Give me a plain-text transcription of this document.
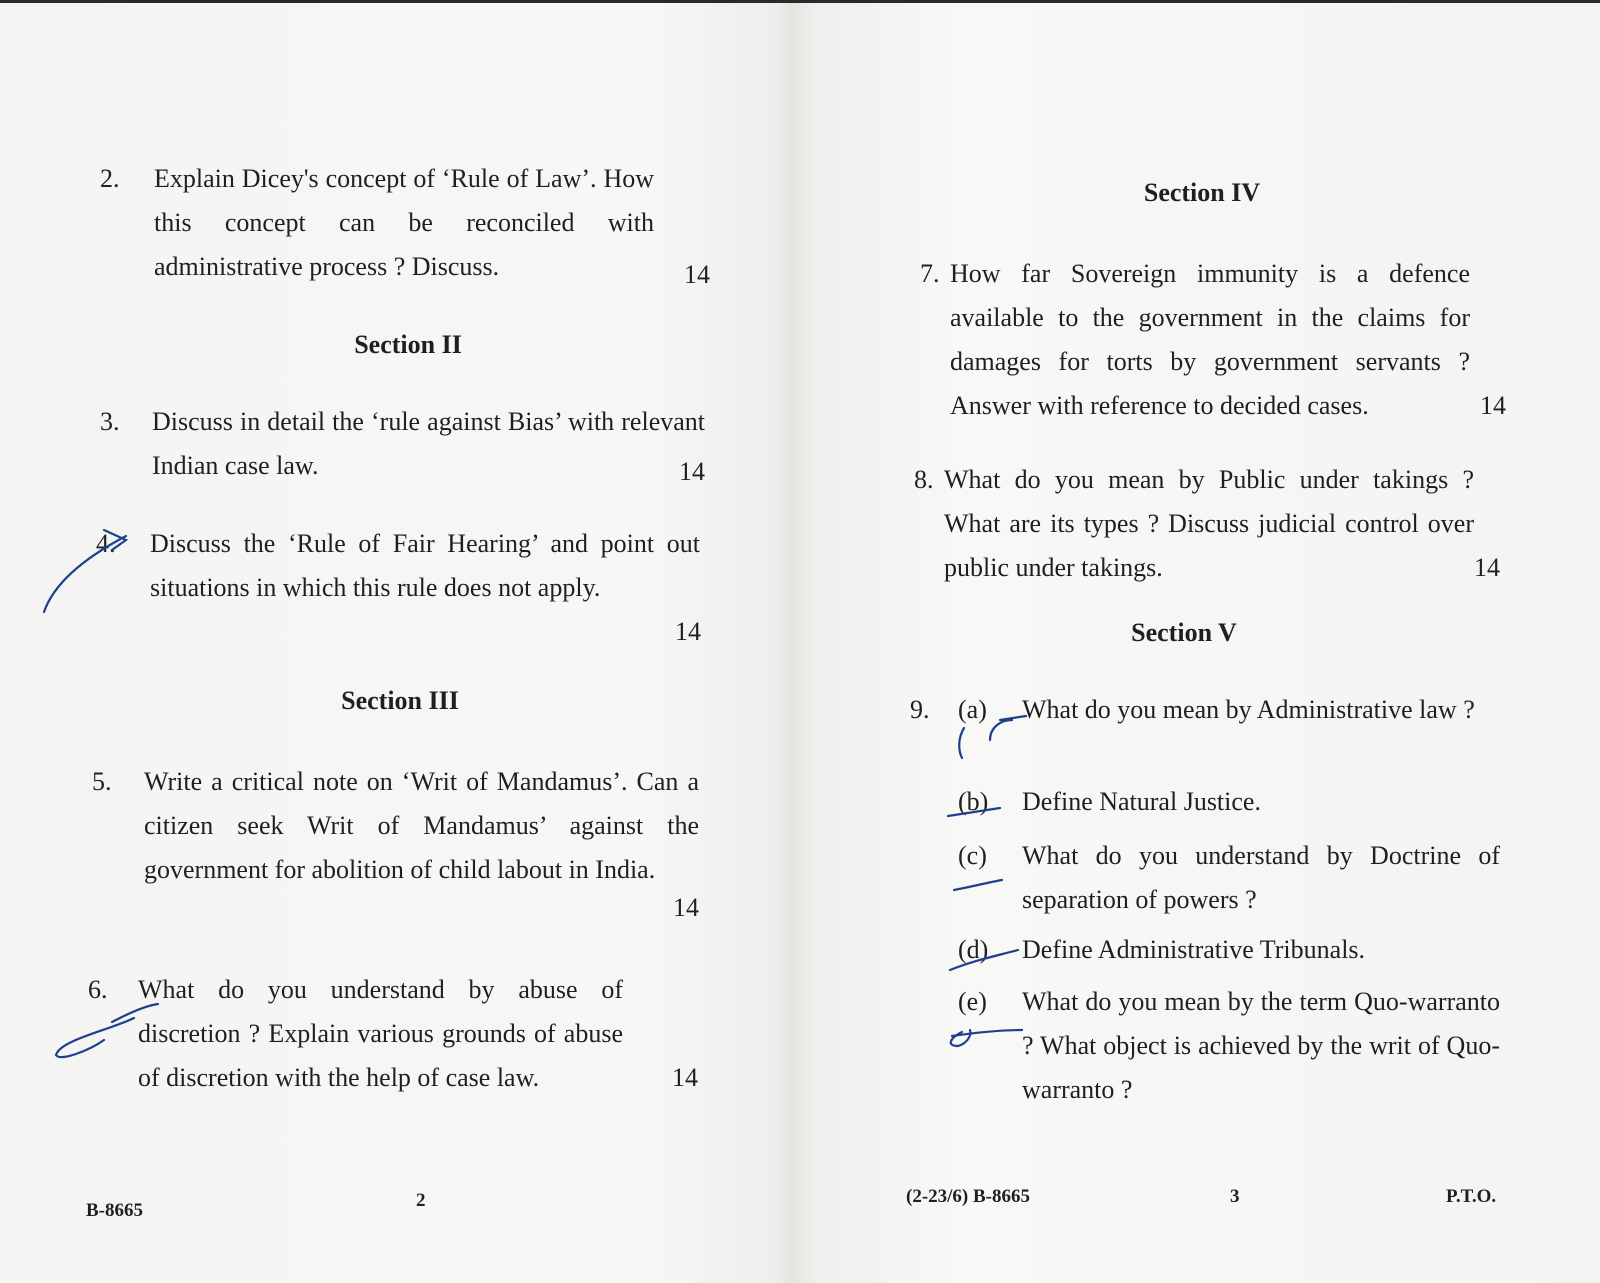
2. Explain Dicey's concept of ‘Rule of Law’. How this concept can be reconciled with administrative process ? Discuss.	14
Section II
3. Discuss in detail the ‘rule against Bias’ with relevant Indian case law.	14
4. Discuss the ‘Rule of Fair Hearing’ and point out situations in which this rule does not apply.
14
Section III
5. Write a critical note on ‘Writ of Mandamus’. Can a citizen seek Writ of Mandamus’ against the government for abolition of child labout in India.
14
6. What do you understand by abuse of discretion ? Explain various grounds of abuse of discretion with the help of case law.	14
B-8665	2
Section IV
7. How far Sovereign immunity is a defence available to the government in the claims for damages for torts by government servants ? Answer with reference to decided cases.	14
8. What do you mean by Public under takings ? What are its types ? Discuss judicial control over public under takings.	14
Section V
9. (a) What do you mean by Administrative law ?
(b) Define Natural Justice.
(c) What do you understand by Doctrine of separation of powers ?
(d) Define Administrative Tribunals.
(e) What do you mean by the term Quo-warranto ? What object is achieved by the writ of Quo-warranto ?
(2-23/6) B-8665	3	P.T.O.
